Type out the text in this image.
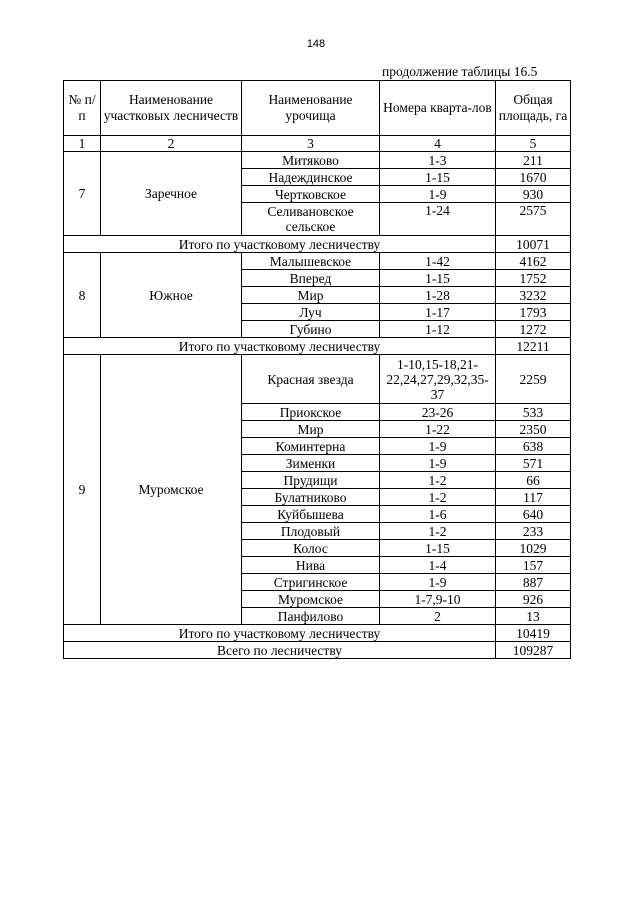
148
продолжение таблицы 16.5
№ п/п	Наименование участковых лесничеств	Наименование урочища	Номера кварта-лов	Общая площадь, га
1	2	3	4	5
7	Заречное	Митяково	1-3	211
		Надеждинское	1-15	1670
		Чертковское	1-9	930
		Селивановское сельское	1-24	2575
Итого по участковому лесничеству				10071
8	Южное	Малышевское	1-42	4162
		Вперед	1-15	1752
		Мир	1-28	3232
		Луч	1-17	1793
		Губино	1-12	1272
Итого по участковому лесничеству				12211
9	Муромское	Красная звезда	1-10,15-18,21-22,24,27,29,32,35-37	2259
		Приокское	23-26	533
		Мир	1-22	2350
		Коминтерна	1-9	638
		Зименки	1-9	571
		Прудищи	1-2	66
		Булатниково	1-2	117
		Куйбышева	1-6	640
		Плодовый	1-2	233
		Колос	1-15	1029
		Нива	1-4	157
		Стригинское	1-9	887
		Муромское	1-7,9-10	926
		Панфилово	2	13
Итого по участковому лесничеству				10419
Всего по лесничеству				109287
